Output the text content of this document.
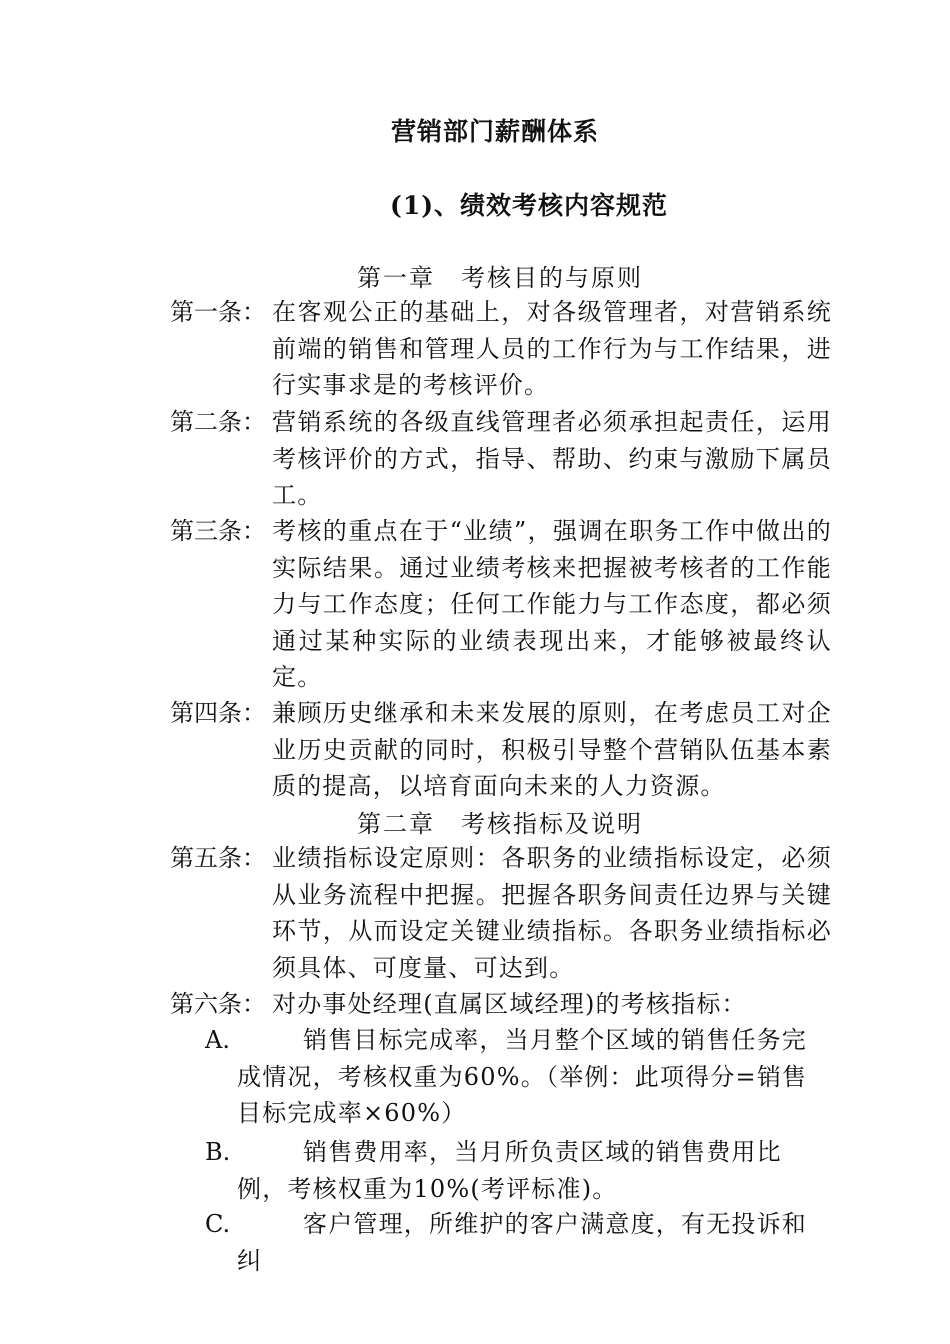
营销部门薪酬体系
(1)、绩效考核内容规范
第一章　考核目的与原则
第一条： 在客观公正的基础上，对各级管理者，对营销系统前端的销售和管理人员的工作行为与工作结果，进行实事求是的考核评价。
第二条： 营销系统的各级直线管理者必须承担起责任，运用考核评价的方式，指导、帮助、约束与激励下属员工。
第三条： 考核的重点在于“业绩”，强调在职务工作中做出的实际结果。通过业绩考核来把握被考核者的工作能力与工作态度；任何工作能力与工作态度，都必须通过某种实际的业绩表现出来，才能够被最终认定。
第四条： 兼顾历史继承和未来发展的原则，在考虑员工对企业历史贡献的同时，积极引导整个营销队伍基本素质的提高，以培育面向未来的人力资源。
第二章　考核指标及说明
第五条： 业绩指标设定原则：各职务的业绩指标设定，必须从业务流程中把握。把握各职务间责任边界与关键环节，从而设定关键业绩指标。各职务业绩指标必须具体、可度量、可达到。
第六条： 对办事处经理(直属区域经理)的考核指标：
A.	销售目标完成率，当月整个区域的销售任务完成情况，考核权重为60%。（举例：此项得分=销售目标完成率×60%）
B.	销售费用率，当月所负责区域的销售费用比例，考核权重为10%(考评标准)。
C.	客户管理，所维护的客户满意度，有无投诉和纠
